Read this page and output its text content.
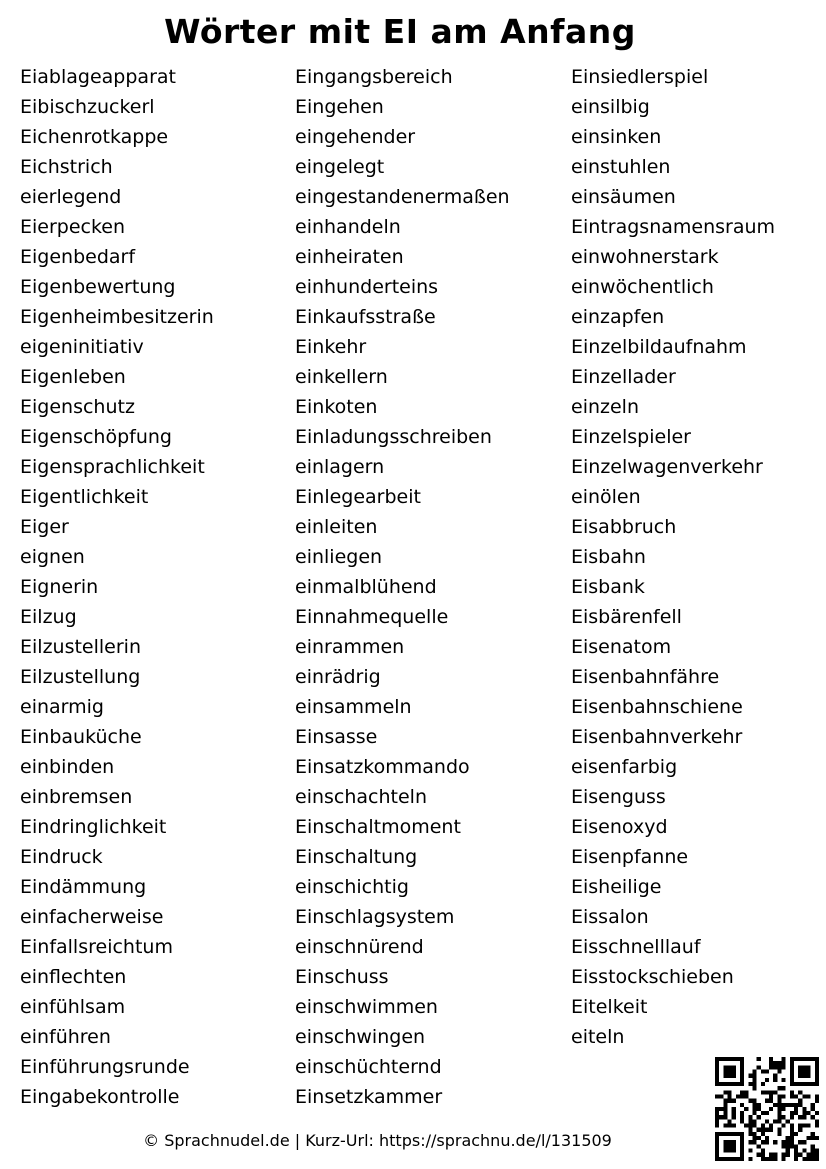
Wörter mit EI am Anfang
Eiablageapparat
Eibischzuckerl
Eichenrotkappe
Eichstrich
eierlegend
Eierpecken
Eigenbedarf
Eigenbewertung
Eigenheimbesitzerin
eigeninitiativ
Eigenleben
Eigenschutz
Eigenschöpfung
Eigensprachlichkeit
Eigentlichkeit
Eiger
eignen
Eignerin
Eilzug
Eilzustellerin
Eilzustellung
einarmig
Einbauküche
einbinden
einbremsen
Eindringlichkeit
Eindruck
Eindämmung
einfacherweise
Einfallsreichtum
einflechten
einfühlsam
einführen
Einführungsrunde
Eingabekontrolle
Eingangsbereich
Eingehen
eingehender
eingelegt
eingestandenermaßen
einhandeln
einheiraten
einhunderteins
Einkaufsstraße
Einkehr
einkellern
Einkoten
Einladungsschreiben
einlagern
Einlegearbeit
einleiten
einliegen
einmalblühend
Einnahmequelle
einrammen
einrädrig
einsammeln
Einsasse
Einsatzkommando
einschachteln
Einschaltmoment
Einschaltung
einschichtig
Einschlagsystem
einschnürend
Einschuss
einschwimmen
einschwingen
einschüchternd
Einsetzkammer
Einsiedlerspiel
einsilbig
einsinken
einstuhlen
einsäumen
Eintragsnamensraum
einwohnerstark
einwöchentlich
einzapfen
Einzelbildaufnahm
Einzellader
einzeln
Einzelspieler
Einzelwagenverkehr
einölen
Eisabbruch
Eisbahn
Eisbank
Eisbärenfell
Eisenatom
Eisenbahnfähre
Eisenbahnschiene
Eisenbahnverkehr
eisenfarbig
Eisenguss
Eisenoxyd
Eisenpfanne
Eisheilige
Eissalon
Eisschnelllauf
Eisstockschieben
Eitelkeit
eiteln
© Sprachnudel.de | Kurz-Url: https://sprachnu.de/l/131509
